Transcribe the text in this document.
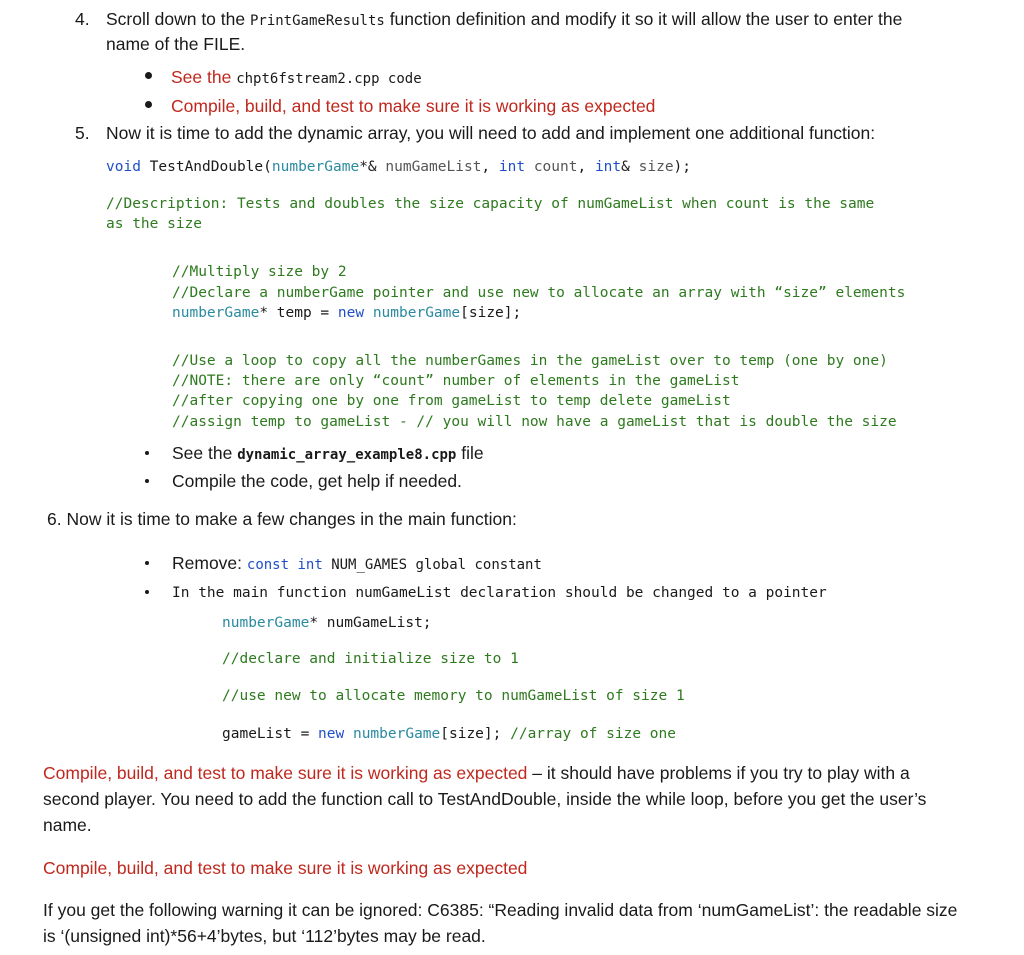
4. Scroll down to the PrintGameResults function definition and modify it so it will allow the user to enter the
name of the FILE.
See the chpt6fstream2.cpp code
Compile, build, and test to make sure it is working as expected
5. Now it is time to add the dynamic array, you will need to add and implement one additional function:
void TestAndDouble(numberGame*& numGameList, int count, int& size);
//Description: Tests and doubles the size capacity of numGameList when count is the same
as the size
//Multiply size by 2
//Declare a numberGame pointer and use new to allocate an array with “size” elements
numberGame* temp = new numberGame[size];
//Use a loop to copy all the numberGames in the gameList over to temp (one by one)
//NOTE: there are only “count” number of elements in the gameList
//after copying one by one from gameList to temp delete gameList
//assign temp to gameList - // you will now have a gameList that is double the size
See the dynamic_array_example8.cpp file
Compile the code, get help if needed.
6. Now it is time to make a few changes in the main function:
Remove: const int NUM_GAMES global constant
In the main function numGameList declaration should be changed to a pointer
numberGame* numGameList;
//declare and initialize size to 1
//use new to allocate memory to numGameList of size 1
gameList = new numberGame[size]; //array of size one
Compile, build, and test to make sure it is working as expected – it should have problems if you try to play with a
second player. You need to add the function call to TestAndDouble, inside the while loop, before you get the user’s
name.
Compile, build, and test to make sure it is working as expected
If you get the following warning it can be ignored: C6385: “Reading invalid data from ‘numGameList’: the readable size
is ‘(unsigned int)*56+4’bytes, but ‘112’bytes may be read.
